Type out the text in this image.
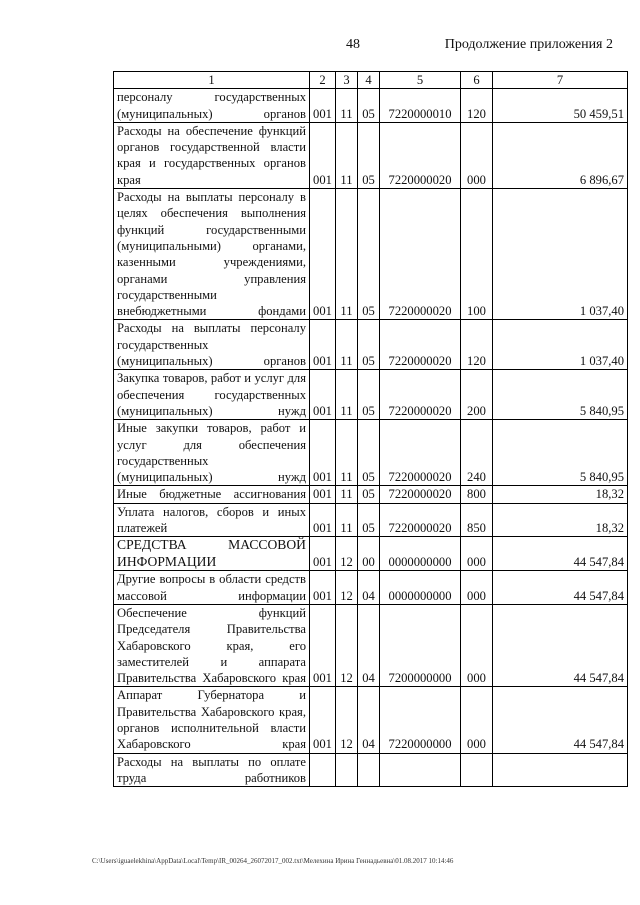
48	Продолжение приложения 2
1	2	3	4	5	6	7
персоналу государственных (муниципальных) органов	001	11	05	7220000010	120	50 459,51
Расходы на обеспечение функций органов государственной власти края и государственных органов края	001	11	05	7220000020	000	6 896,67
Расходы на выплаты персоналу в целях обеспечения выполнения функций государственными (муниципальными) органами, казенными учреждениями, органами управления государственными внебюджетными фондами	001	11	05	7220000020	100	1 037,40
Расходы на выплаты персоналу государственных (муниципальных) органов	001	11	05	7220000020	120	1 037,40
Закупка товаров, работ и услуг для обеспечения государственных (муниципальных) нужд	001	11	05	7220000020	200	5 840,95
Иные закупки товаров, работ и услуг для обеспечения государственных (муниципальных) нужд	001	11	05	7220000020	240	5 840,95
Иные бюджетные ассигнования	001	11	05	7220000020	800	18,32
Уплата налогов, сборов и иных платежей	001	11	05	7220000020	850	18,32
СРЕДСТВА МАССОВОЙ ИНФОРМАЦИИ	001	12	00	0000000000	000	44 547,84
Другие вопросы в области средств массовой информации	001	12	04	0000000000	000	44 547,84
Обеспечение функций Председателя Правительства Хабаровского края, его заместителей и аппарата Правительства Хабаровского края	001	12	04	7200000000	000	44 547,84
Аппарат Губернатора и Правительства Хабаровского края, органов исполнительной власти Хабаровского края	001	12	04	7220000000	000	44 547,84
Расходы на выплаты по оплате труда работников						
C:\Users\iguaelekhina\AppData\Local\Temp\IR_00264_26072017_002.txt\Мелехина Ирина Геннадьевна\01.08.2017 10:14:46
